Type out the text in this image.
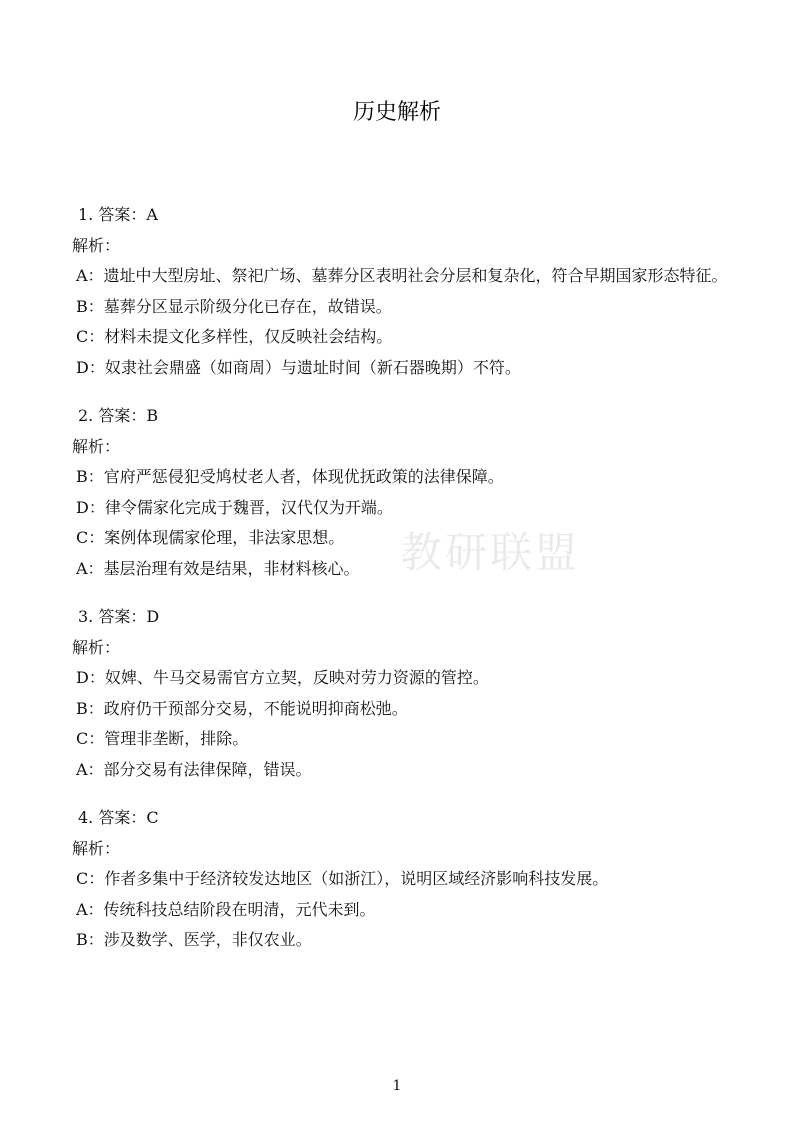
历史解析
教研联盟
1. 答案：A
解析：
A：遗址中大型房址、祭祀广场、墓葬分区表明社会分层和复杂化，符合早期国家形态特征。
B：墓葬分区显示阶级分化已存在，故错误。
C：材料未提文化多样性，仅反映社会结构。
D：奴隶社会鼎盛（如商周）与遗址时间（新石器晚期）不符。
2. 答案：B
解析：
B：官府严惩侵犯受鸠杖老人者，体现优抚政策的法律保障。
D：律令儒家化完成于魏晋，汉代仅为开端。
C：案例体现儒家伦理，非法家思想。
A：基层治理有效是结果，非材料核心。
3. 答案：D
解析：
D：奴婢、牛马交易需官方立契，反映对劳力资源的管控。
B：政府仍干预部分交易，不能说明抑商松弛。
C：管理非垄断，排除。
A：部分交易有法律保障，错误。
4. 答案：C
解析：
C：作者多集中于经济较发达地区（如浙江），说明区域经济影响科技发展。
A：传统科技总结阶段在明清，元代未到。
B：涉及数学、医学，非仅农业。
1
